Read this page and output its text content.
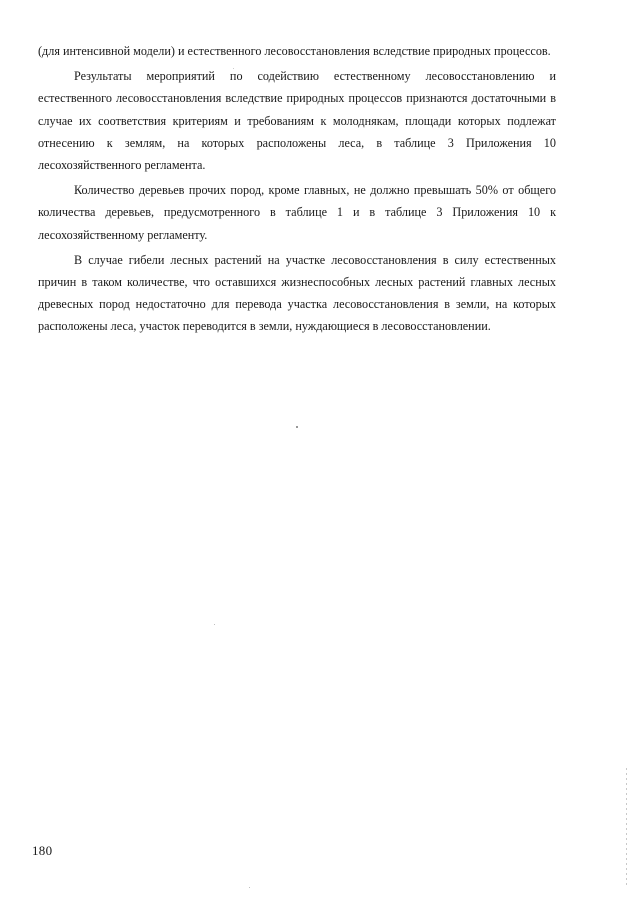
(для интенсивной модели) и естественного лесовосстановления вследствие природных процессов.

Результаты мероприятий по содействию естественному лесовосстановлению и естественного лесовосстановления вследствие природных процессов признаются достаточными в случае их соответствия критериям и требованиям к молоднякам, площади которых подлежат отнесению к землям, на которых расположены леса, в таблице 3 Приложения 10 лесохозяйственного регламента.

Количество деревьев прочих пород, кроме главных, не должно превышать 50% от общего количества деревьев, предусмотренного в таблице 1 и в таблице 3 Приложения 10 к лесохозяйственному регламенту.

В случае гибели лесных растений на участке лесовосстановления в силу естественных причин в таком количестве, что оставшихся жизнеспособных лесных растений главных лесных древесных пород недостаточно для перевода участка лесовосстановления в земли, на которых расположены леса, участок переводится в земли, нуждающиеся в лесовосстановлении.

180
